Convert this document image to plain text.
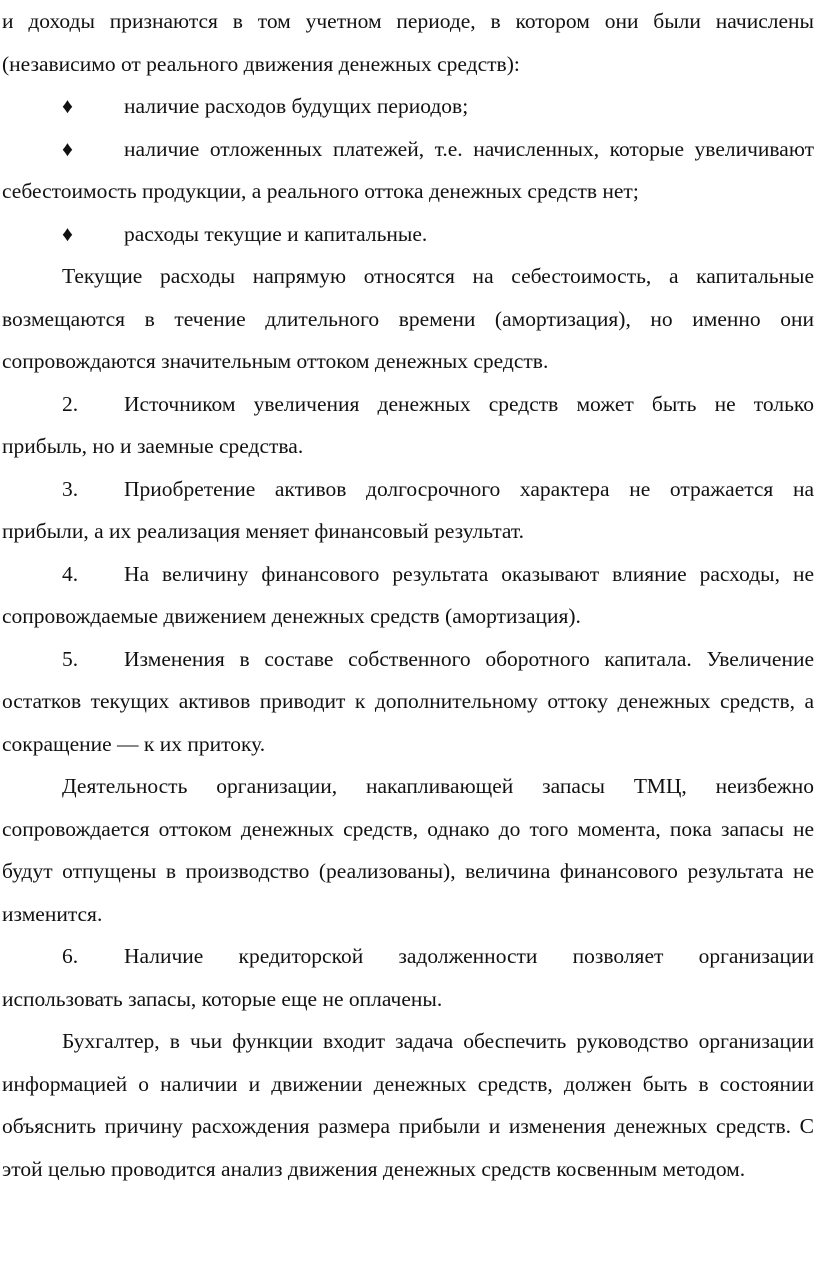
и доходы признаются в том учетном периоде, в котором они были начислены (независимо от реального движения денежных средств):

♦ наличие расходов будущих периодов;

♦ наличие отложенных платежей, т.е. начисленных, которые увеличивают себестоимость продукции, а реального оттока денежных средств нет;

♦ расходы текущие и капитальные.

Текущие расходы напрямую относятся на себестоимость, а капитальные возмещаются в течение длительного времени (амортизация), но именно они сопровождаются значительным оттоком денежных средств.

2. Источником увеличения денежных средств может быть не только прибыль, но и заемные средства.

3. Приобретение активов долгосрочного характера не отражается на прибыли, а их реализация меняет финансовый результат.

4. На величину финансового результата оказывают влияние расходы, не сопровождаемые движением денежных средств (амортизация).

5. Изменения в составе собственного оборотного капитала. Увеличение остатков текущих активов приводит к дополнительному оттоку денежных средств, а сокращение — к их притоку.

Деятельность организации, накапливающей запасы ТМЦ, неизбежно сопровождается оттоком денежных средств, однако до того момента, пока запасы не будут отпущены в производство (реализованы), величина финансового результата не изменится.

6. Наличие кредиторской задолженности позволяет организации использовать запасы, которые еще не оплачены.

Бухгалтер, в чьи функции входит задача обеспечить руководство организации информацией о наличии и движении денежных средств, должен быть в состоянии объяснить причину расхождения размера прибыли и изменения денежных средств. С этой целью проводится анализ движения денежных средств косвенным методом.
